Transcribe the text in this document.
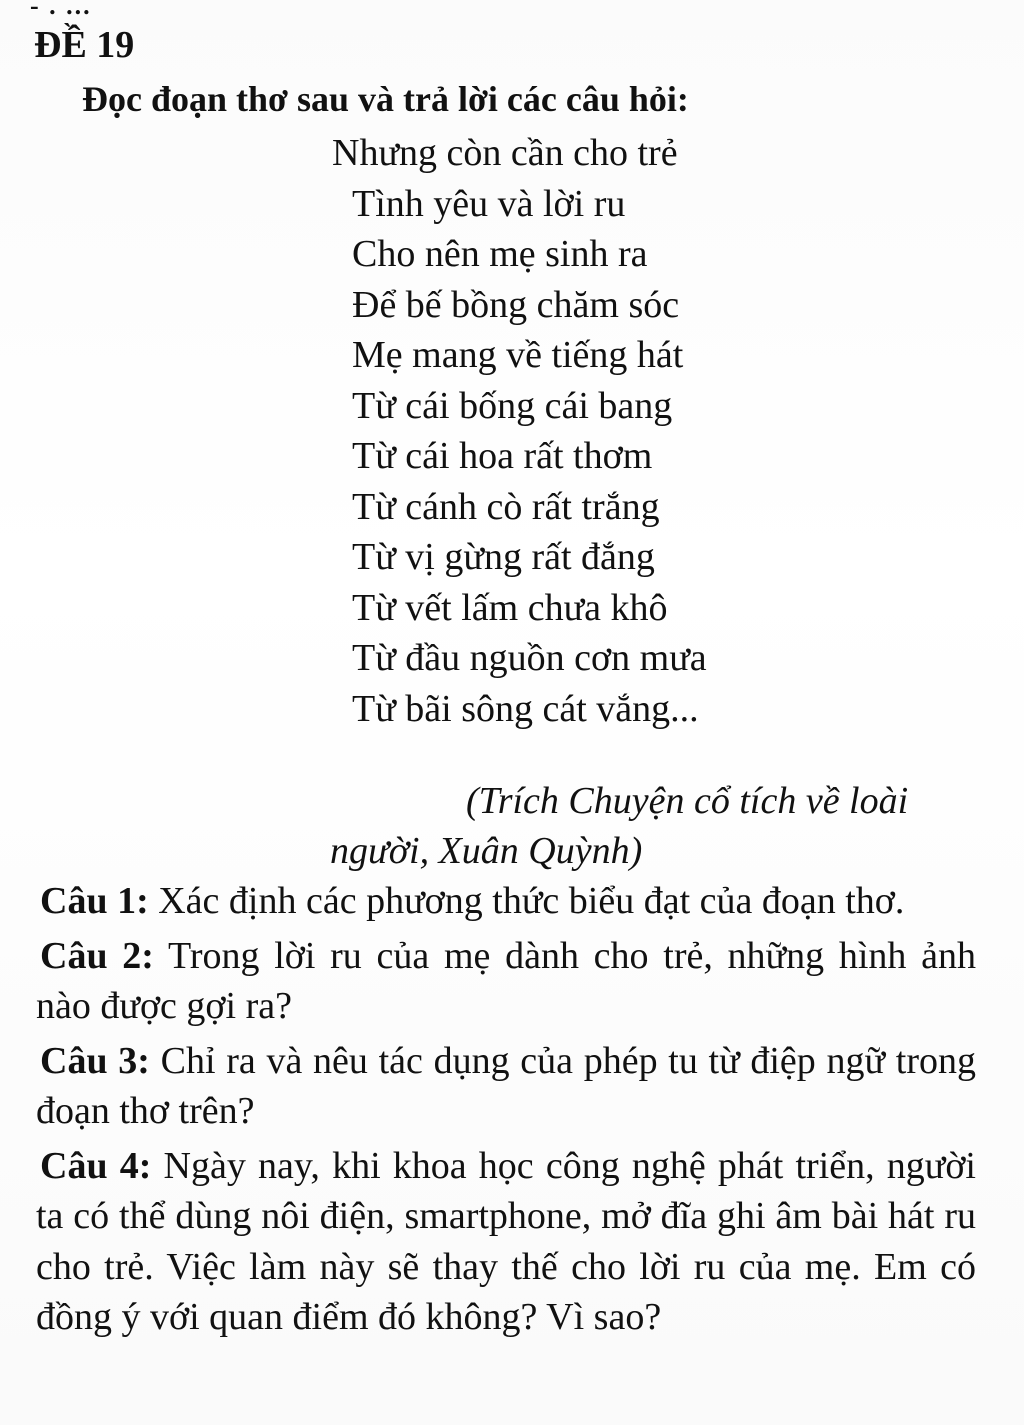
- . ...
ĐỀ 19

Đọc đoạn thơ sau và trả lời các câu hỏi:

Nhưng còn cần cho trẻ
Tình yêu và lời ru
Cho nên mẹ sinh ra
Để bế bồng chăm sóc
Mẹ mang về tiếng hát
Từ cái bống cái bang
Từ cái hoa rất thơm
Từ cánh cò rất trắng
Từ vị gừng rất đắng
Từ vết lấm chưa khô
Từ đầu nguồn cơn mưa
Từ bãi sông cát vắng...

(Trích Chuyện cổ tích về loài

người, Xuân Quỳnh)

Câu 1: Xác định các phương thức biểu đạt của đoạn thơ.

Câu 2: Trong lời ru của mẹ dành cho trẻ, những hình ảnh nào được gợi ra?

Câu 3: Chỉ ra và nêu tác dụng của phép tu từ điệp ngữ trong đoạn thơ trên?

Câu 4: Ngày nay, khi khoa học công nghệ phát triển, người ta có thể dùng nôi điện, smartphone, mở đĩa ghi âm bài hát ru cho trẻ. Việc làm này sẽ thay thế cho lời ru của mẹ. Em có đồng ý với quan điểm đó không? Vì sao?
